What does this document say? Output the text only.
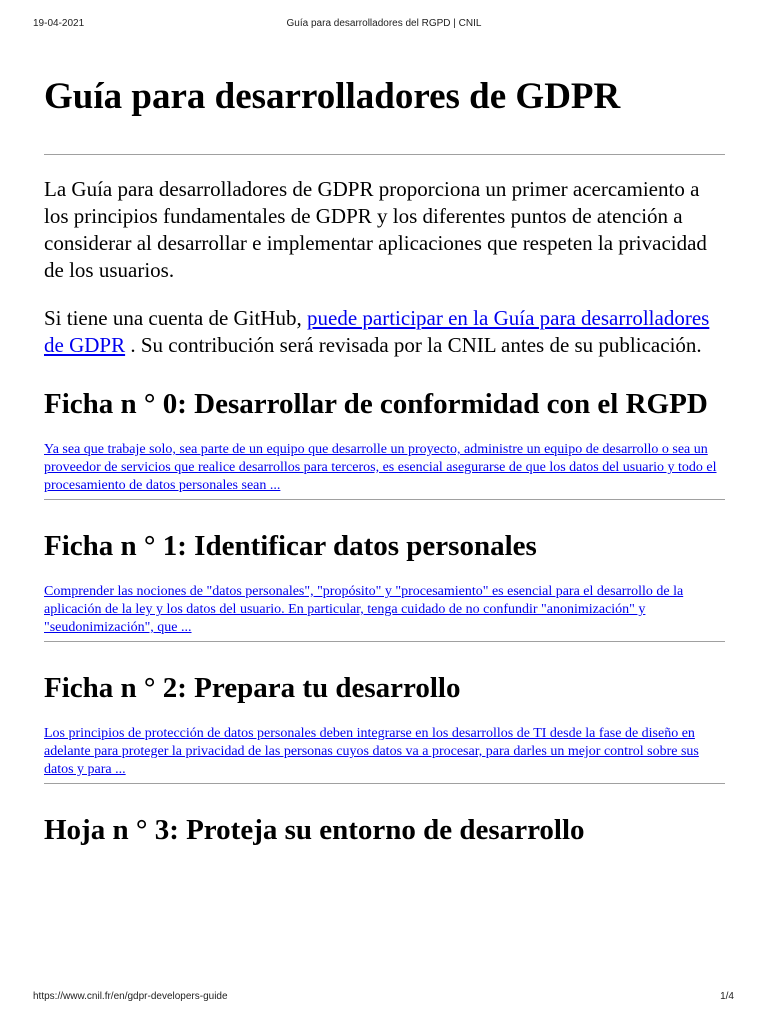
19-04-2021	Guía para desarrolladores del RGPD | CNIL
Guía para desarrolladores de GDPR

La Guía para desarrolladores de GDPR proporciona un primer acercamiento a los principios fundamentales de GDPR y los diferentes puntos de atención a considerar al desarrollar e implementar aplicaciones que respeten la privacidad de los usuarios.

Si tiene una cuenta de GitHub, puede participar en la Guía para desarrolladores de GDPR . Su contribución será revisada por la CNIL antes de su publicación.

Ficha n ° 0: Desarrollar de conformidad con el RGPD

Ya sea que trabaje solo, sea parte de un equipo que desarrolle un proyecto, administre un equipo de desarrollo o sea un proveedor de servicios que realice desarrollos para terceros, es esencial asegurarse de que los datos del usuario y todo el procesamiento de datos personales sean ...

Ficha n ° 1: Identificar datos personales

Comprender las nociones de "datos personales", "propósito" y "procesamiento" es esencial para el desarrollo de la aplicación de la ley y los datos del usuario. En particular, tenga cuidado de no confundir "anonimización" y "seudonimización", que ...

Ficha n ° 2: Prepara tu desarrollo

Los principios de protección de datos personales deben integrarse en los desarrollos de TI desde la fase de diseño en adelante para proteger la privacidad de las personas cuyos datos va a procesar, para darles un mejor control sobre sus datos y para ...

Hoja n ° 3: Proteja su entorno de desarrollo
https://www.cnil.fr/en/gdpr-developers-guide	1/4
